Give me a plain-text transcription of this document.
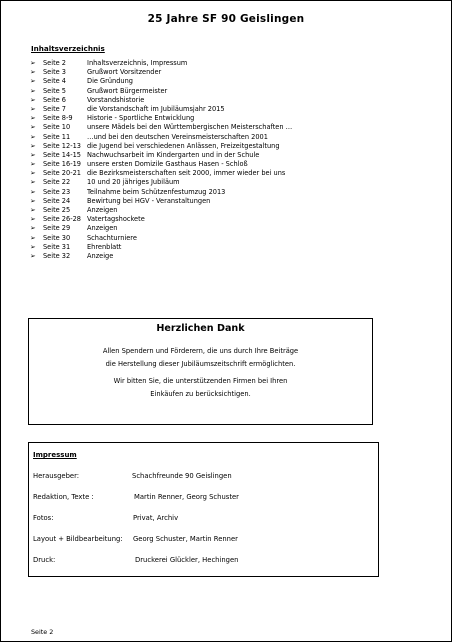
25 Jahre SF 90 Geislingen
Inhaltsverzeichnis
➢	Seite 2	Inhaltsverzeichnis, Impressum
➢	Seite 3	Grußwort Vorsitzender
➢	Seite 4	Die Gründung
➢	Seite 5	Grußwort Bürgermeister
➢	Seite 6	Vorstandshistorie
➢	Seite 7	die Vorstandschaft im Jubiläumsjahr 2015
➢	Seite 8-9	Historie - Sportliche Entwicklung
➢	Seite 10	unsere Mädels bei den Württembergischen Meisterschaften …
➢	Seite 11	…und bei den deutschen Vereinsmeisterschaften 2001
➢	Seite 12-13 die Jugend bei verschiedenen Anlässen, Freizeitgestaltung
➢	Seite 14-15 Nachwuchsarbeit im Kindergarten und in der Schule
➢	Seite 16-19 unsere ersten Domizile Gasthaus Hasen - Schloß
➢	Seite 20-21 die Bezirksmeisterschaften seit 2000, immer wieder bei uns
➢	Seite 22	10 und 20 jähriges Jubiläum
➢	Seite 23	Teilnahme beim Schützenfestumzug 2013
➢	Seite 24	Bewirtung bei HGV - Veranstaltungen
➢	Seite 25	Anzeigen
➢	Seite 26-28 Vatertagshockete
➢	Seite 29	Anzeigen
➢	Seite 30	Schachturniere
➢	Seite 31	Ehrenblatt
➢	Seite 32	Anzeige
Herzlichen Dank

Allen Spendern und Förderern, die uns durch Ihre Beiträge
die Herstellung dieser Jubiläumszeitschrift ermöglichten.

Wir bitten Sie, die unterstützenden Firmen bei Ihren
Einkäufen zu berücksichtigen.

Impressum
Herausgeber:	Schachfreunde 90 Geislingen
Redaktion, Texte :	Martin Renner, Georg Schuster
Fotos:	Privat, Archiv
Layout + Bildbearbeitung: Georg Schuster, Martin Renner
Druck:	Druckerei Glückler, Hechingen
Seite 2
